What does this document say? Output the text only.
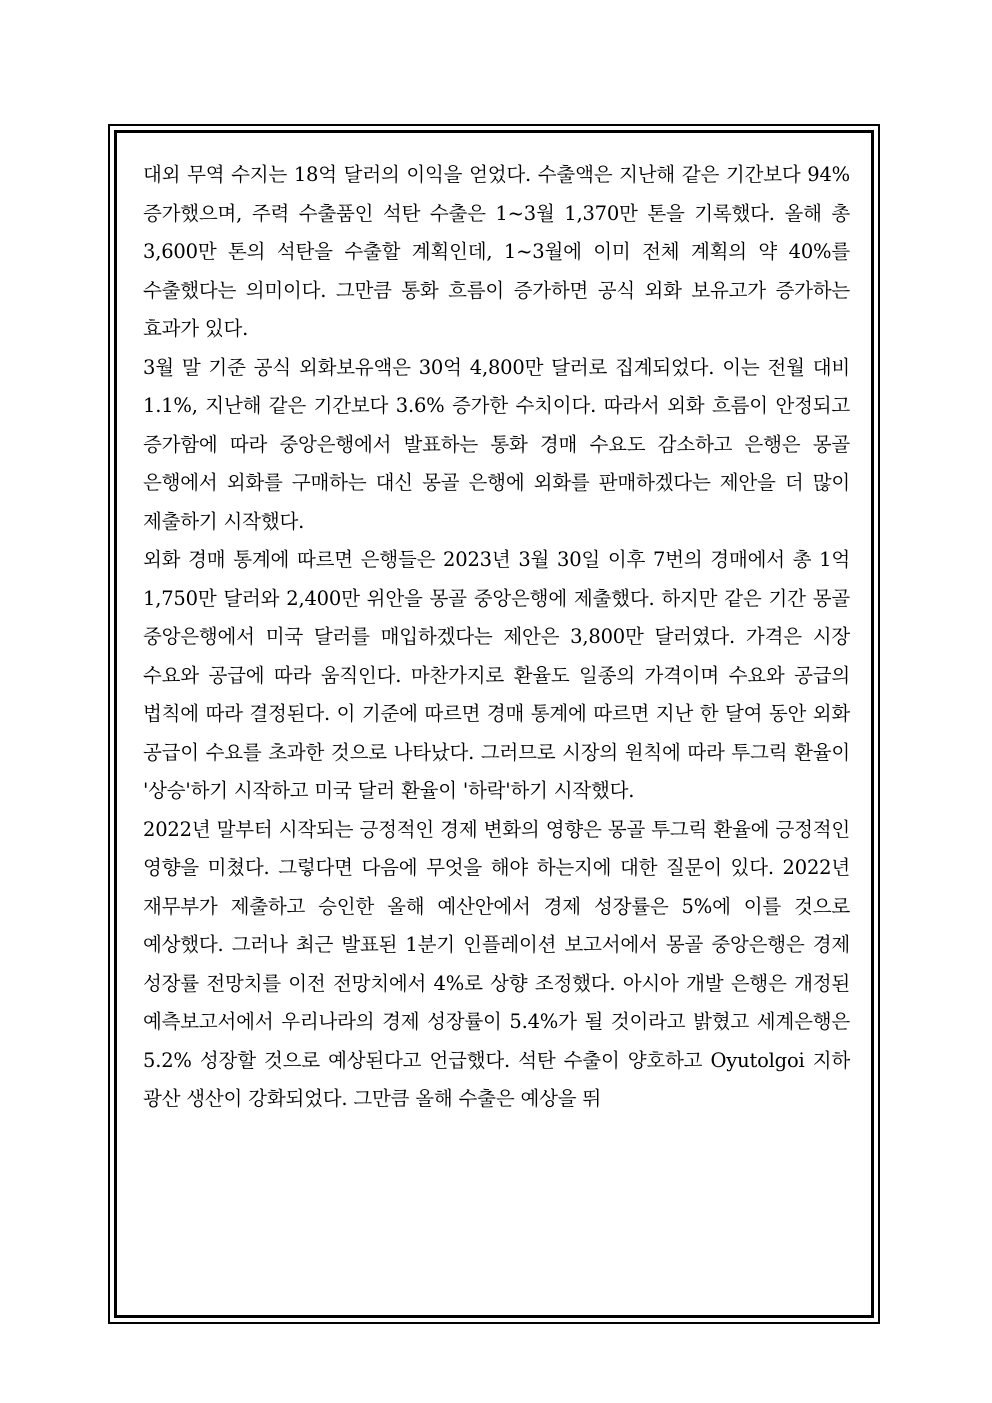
대외 무역 수지는 18억 달러의 이익을 얻었다. 수출액은 지난해 같은 기간보다 94% 증가했으며, 주력 수출품인 석탄 수출은 1~3월 1,370만 톤을 기록했다. 올해 총 3,600만 톤의 석탄을 수출할 계획인데, 1~3월에 이미 전체 계획의 약 40%를 수출했다는 의미이다. 그만큼 통화 흐름이 증가하면 공식 외화 보유고가 증가하는 효과가 있다.

3월 말 기준 공식 외화보유액은 30억 4,800만 달러로 집계되었다. 이는 전월 대비 1.1%, 지난해 같은 기간보다 3.6% 증가한 수치이다. 따라서 외화 흐름이 안정되고 증가함에 따라 중앙은행에서 발표하는 통화 경매 수요도 감소하고 은행은 몽골 은행에서 외화를 구매하는 대신 몽골 은행에 외화를 판매하겠다는 제안을 더 많이 제출하기 시작했다.

외화 경매 통계에 따르면 은행들은 2023년 3월 30일 이후 7번의 경매에서 총 1억 1,750만 달러와 2,400만 위안을 몽골 중앙은행에 제출했다. 하지만 같은 기간 몽골 중앙은행에서 미국 달러를 매입하겠다는 제안은 3,800만 달러였다. 가격은 시장 수요와 공급에 따라 움직인다. 마찬가지로 환율도 일종의 가격이며 수요와 공급의 법칙에 따라 결정된다. 이 기준에 따르면 경매 통계에 따르면 지난 한 달여 동안 외화 공급이 수요를 초과한 것으로 나타났다. 그러므로 시장의 원칙에 따라 투그릭 환율이 '상승'하기 시작하고 미국 달러 환율이 '하락'하기 시작했다.

2022년 말부터 시작되는 긍정적인 경제 변화의 영향은 몽골 투그릭 환율에 긍정적인 영향을 미쳤다. 그렇다면 다음에 무엇을 해야 하는지에 대한 질문이 있다. 2022년 재무부가 제출하고 승인한 올해 예산안에서 경제 성장률은 5%에 이를 것으로 예상했다. 그러나 최근 발표된 1분기 인플레이션 보고서에서 몽골 중앙은행은 경제 성장률 전망치를 이전 전망치에서 4%로 상향 조정했다. 아시아 개발 은행은 개정된 예측보고서에서 우리나라의 경제 성장률이 5.4%가 될 것이라고 밝혔고 세계은행은 5.2% 성장할 것으로 예상된다고 언급했다. 석탄 수출이 양호하고 Oyutolgoi 지하 광산 생산이 강화되었다. 그만큼 올해 수출은 예상을 뛰
